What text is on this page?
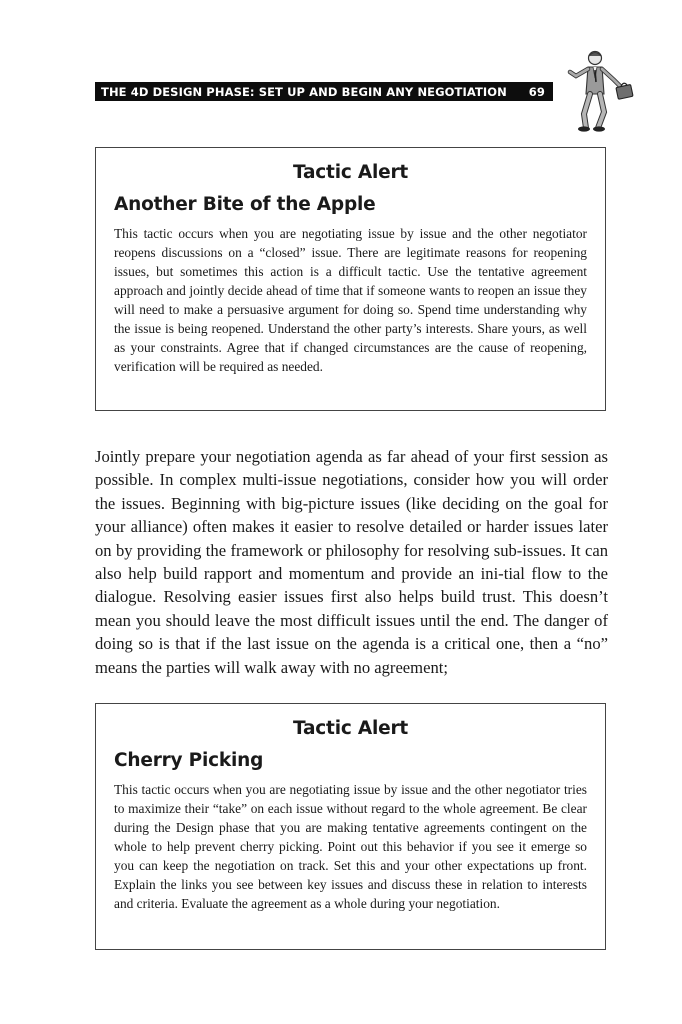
THE 4D DESIGN PHASE: SET UP AND BEGIN ANY NEGOTIATION 69
Tactic Alert
Another Bite of the Apple

This tactic occurs when you are negotiating issue by issue and the other negotiator reopens discussions on a “closed” issue. There are legitimate reasons for reopening issues, but sometimes this action is a difficult tactic. Use the tentative agreement approach and jointly decide ahead of time that if someone wants to reopen an issue they will need to make a persuasive argument for doing so. Spend time understanding why the issue is being reopened. Understand the other party’s interests. Share yours, as well as your constraints. Agree that if changed circumstances are the cause of reopening, verification will be required as needed.

Jointly prepare your negotiation agenda as far ahead of your first session as possible. In complex multi-issue negotiations, consider how you will order the issues. Beginning with big-picture issues (like deciding on the goal for your alliance) often makes it easier to resolve detailed or harder issues later on by providing the framework or philosophy for resolving sub-issues. It can also help build rapport and momentum and provide an ini-tial flow to the dialogue. Resolving easier issues first also helps build trust. This doesn’t mean you should leave the most difficult issues until the end. The danger of doing so is that if the last issue on the agenda is a critical one, then a “no” means the parties will walk away with no agreement;

Tactic Alert
Cherry Picking

This tactic occurs when you are negotiating issue by issue and the other negotiator tries to maximize their “take” on each issue without regard to the whole agreement. Be clear during the Design phase that you are making tentative agreements contingent on the whole to help prevent cherry picking. Point out this behavior if you see it emerge so you can keep the negotiation on track. Set this and your other expectations up front. Explain the links you see between key issues and discuss these in relation to interests and criteria. Evaluate the agreement as a whole during your negotiation.
